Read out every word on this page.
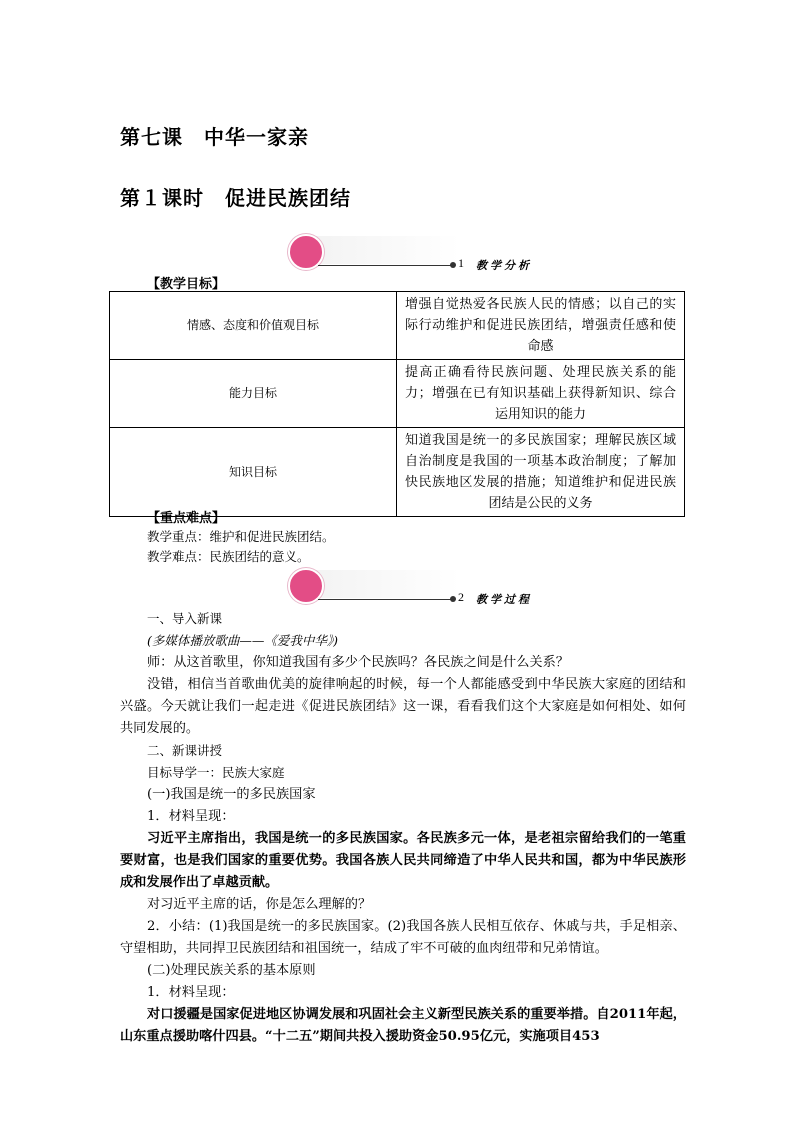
第七课　中华一家亲
第１课时　促进民族团结
1 教学分析
【教学目标】
情感、态度和价值观目标	增强自觉热爱各民族人民的情感；以自己的实际行动维护和促进民族团结，增强责任感和使命感
能力目标	提高正确看待民族问题、处理民族关系的能力；增强在已有知识基础上获得新知识、综合运用知识的能力
知识目标	知道我国是统一的多民族国家；理解民族区域自治制度是我国的一项基本政治制度；了解加快民族地区发展的措施；知道维护和促进民族团结是公民的义务
【重点难点】
教学重点：维护和促进民族团结。
教学难点：民族团结的意义。
2 教学过程
一、导入新课
(多媒体播放歌曲——《爱我中华》)
师：从这首歌里，你知道我国有多少个民族吗？各民族之间是什么关系？
没错，相信当首歌曲优美的旋律响起的时候，每一个人都能感受到中华民族大家庭的团结和兴盛。今天就让我们一起走进《促进民族团结》这一课，看看我们这个大家庭是如何相处、如何共同发展的。
二、新课讲授
目标导学一：民族大家庭
(一)我国是统一的多民族国家
1．材料呈现：
习近平主席指出，我国是统一的多民族国家。各民族多元一体，是老祖宗留给我们的一笔重要财富，也是我们国家的重要优势。我国各族人民共同缔造了中华人民共和国，都为中华民族形成和发展作出了卓越贡献。
对习近平主席的话，你是怎么理解的？
2．小结：(1)我国是统一的多民族国家。(2)我国各族人民相互依存、休戚与共，手足相亲、守望相助，共同捍卫民族团结和祖国统一，结成了牢不可破的血肉纽带和兄弟情谊。
(二)处理民族关系的基本原则
1．材料呈现：
对口援疆是国家促进地区协调发展和巩固社会主义新型民族关系的重要举措。自2011年起，山东重点援助喀什四县。“十二五”期间共投入援助资金50.95亿元，实施项目453
